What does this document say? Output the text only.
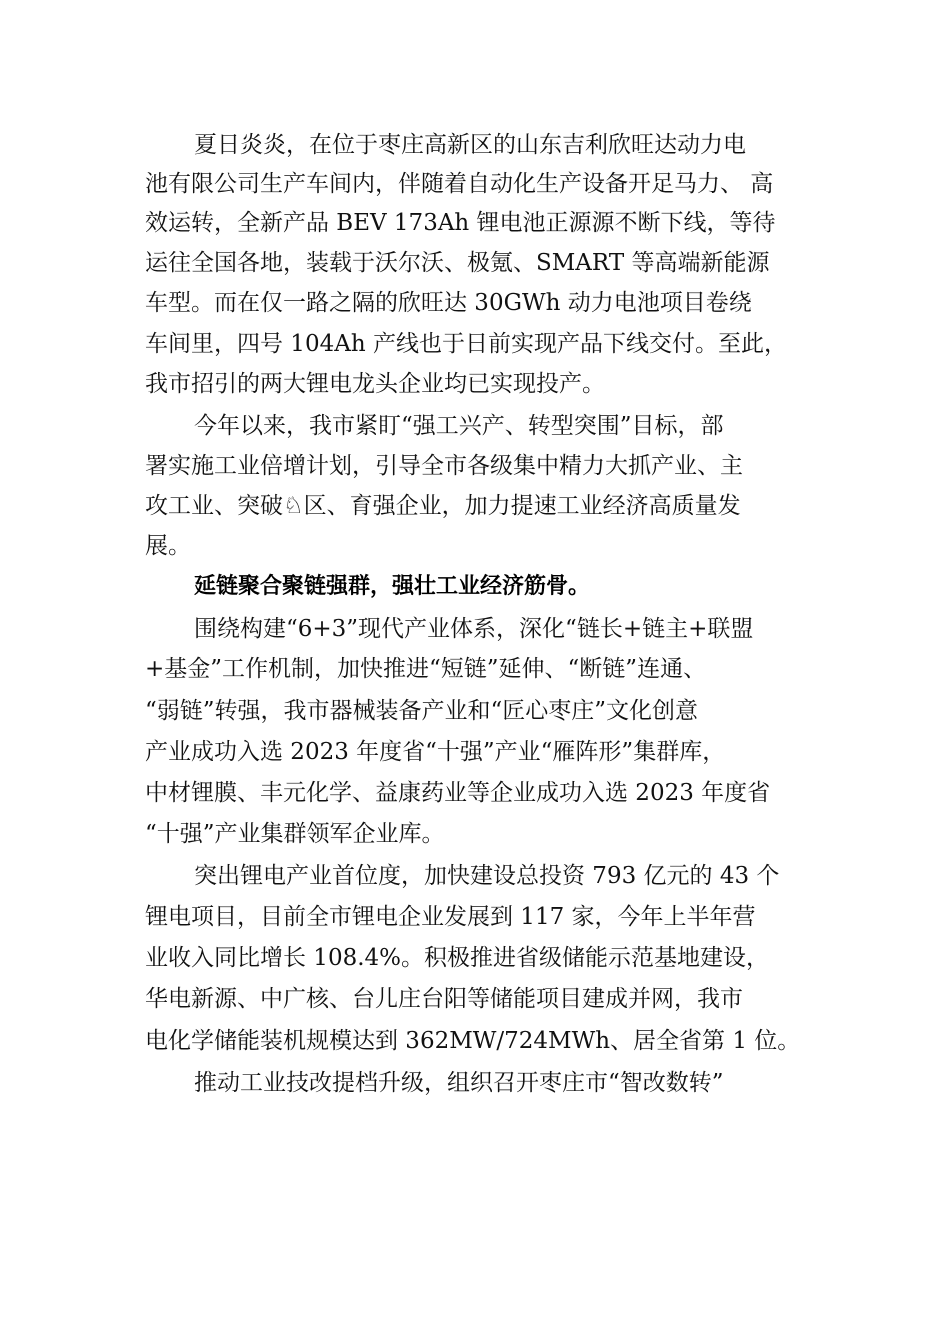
夏日炎炎，在位于枣庄高新区的山东吉利欣旺达动力电
池有限公司生产车间内，伴随着自动化生产设备开足马力、 高
效运转，全新产品 BEV 173Ah 锂电池正源源不断下线，等待
运往全国各地，装载于沃尔沃、极氪、SMART 等高端新能源
车型。而在仅一路之隔的欣旺达 30GWh 动力电池项目卷绕
车间里，四号 104Ah 产线也于日前实现产品下线交付。至此，
我市招引的两大锂电龙头企业均已实现投产。
今年以来，我市紧盯“强工兴产、转型突围”目标，部
署实施工业倍增计划，引导全市各级集中精力大抓产业、主
攻工业、突破♘区、育强企业，加力提速工业经济高质量发
展。
延链聚合聚链强群，强壮工业经济筋骨。
围绕构建“6+3”现代产业体系，深化“链长+链主+联盟
+基金”工作机制，加快推进“短链”延伸、“断链”连通、
“弱链”转强，我市器械装备产业和“匠心枣庄”文化创意
产业成功入选 2023 年度省“十强”产业“雁阵形”集群库，
中材锂膜、丰元化学、益康药业等企业成功入选 2023 年度省
“十强”产业集群领军企业库。
突出锂电产业首位度，加快建设总投资 793 亿元的 43 个
锂电项目，目前全市锂电企业发展到 117 家，今年上半年营
业收入同比增长 108.4%。积极推进省级储能示范基地建设，
华电新源、中广核、台儿庄台阳等储能项目建成并网，我市
电化学储能装机规模达到 362MW/724MWh、居全省第 1 位。
推动工业技改提档升级，组织召开枣庄市“智改数转”
